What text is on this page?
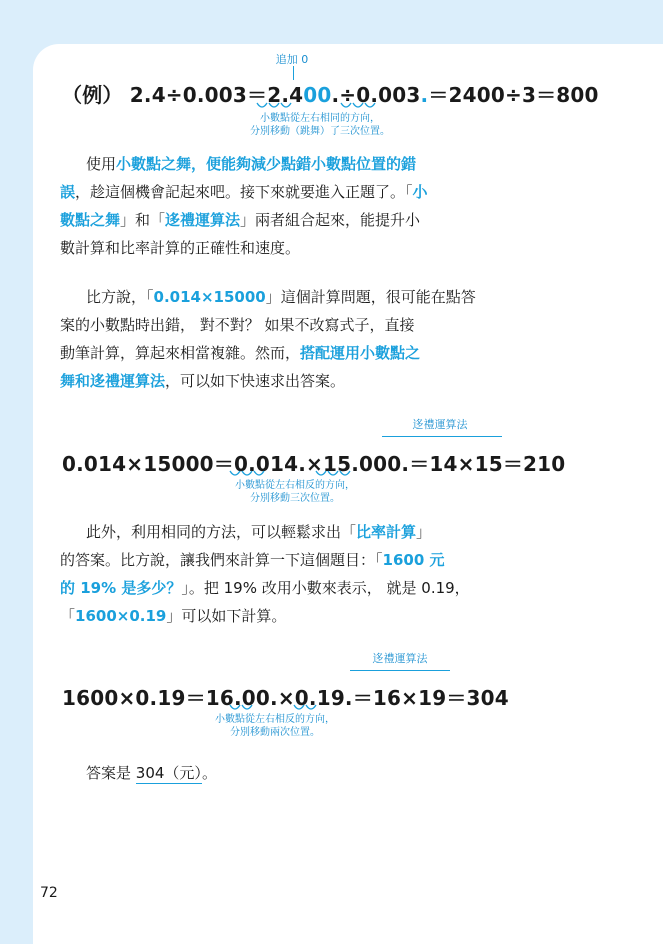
72
追加 0
（例） 2.4÷0.003＝2.400.÷0.003.＝2400÷3＝800
小數點從左右相同的方向，
分別移動（跳舞）了三次位置。

使用小數點之舞，便能夠減少點錯小數點位置的錯

誤，趁這個機會記起來吧。接下來就要進入正題了。「小

數點之舞」和「迻禮運算法」兩者組合起來，能提升小

數計算和比率計算的正確性和速度。

比方說，「0.014×15000」這個計算問題，很可能在點答

案的小數點時出錯， 對不對？ 如果不改寫式子，直接

動筆計算，算起來相當複雜。然而，搭配運用小數點之

舞和迻禮運算法，可以如下快速求出答案。

迻禮運算法
0.014×15000＝0.014.×15.000.＝14×15＝210
小數點從左右相反的方向，
分別移動三次位置。

此外，利用相同的方法，可以輕鬆求出「比率計算」

的答案。比方說，讓我們來計算一下這個題目：「1600 元

的 19% 是多少？」。把 19% 改用小數來表示， 就是 0.19，

「1600×0.19」可以如下計算。

迻禮運算法
1600×0.19＝16.00.×0.19.＝16×19＝304
小數點從左右相反的方向，
分別移動兩次位置。
答案是 304（元）。
